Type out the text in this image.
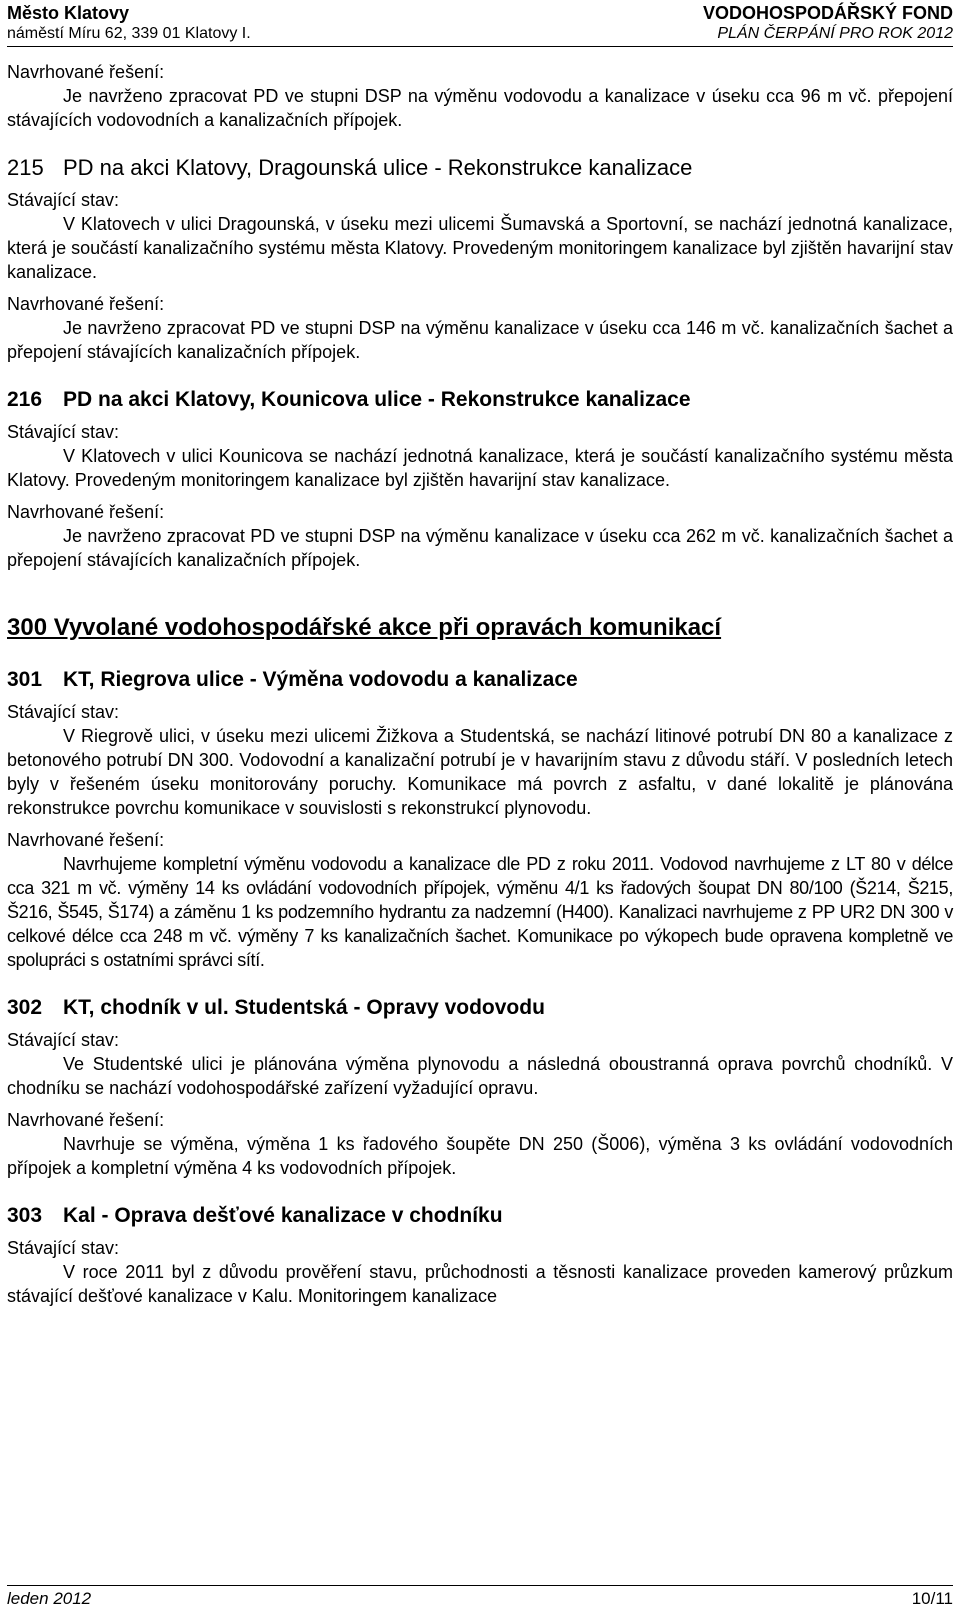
Město Klatovy	VODOHOSPODÁŘSKÝ FOND
náměstí Míru 62, 339 01 Klatovy I.	PLÁN ČERPÁNÍ PRO ROK 2012
Navrhované řešení:
Je navrženo zpracovat PD ve stupni DSP na výměnu vodovodu a kanalizace v úseku cca 96 m vč. přepojení stávajících vodovodních a kanalizačních přípojek.
215 PD na akci Klatovy, Dragounská ulice - Rekonstrukce kanalizace
Stávající stav:
V Klatovech v ulici Dragounská, v úseku mezi ulicemi Šumavská a Sportovní, se nachází jednotná kanalizace, která je součástí kanalizačního systému města Klatovy. Provedeným monitoringem kanalizace byl zjištěn havarijní stav kanalizace.
Navrhované řešení:
Je navrženo zpracovat PD ve stupni DSP na výměnu kanalizace v úseku cca 146 m vč. kanalizačních šachet a přepojení stávajících kanalizačních přípojek.
216 PD na akci Klatovy, Kounicova ulice - Rekonstrukce kanalizace
Stávající stav:
V Klatovech v ulici Kounicova se nachází jednotná kanalizace, která je součástí kanalizačního systému města Klatovy. Provedeným monitoringem kanalizace byl zjištěn havarijní stav kanalizace.
Navrhované řešení:
Je navrženo zpracovat PD ve stupni DSP na výměnu kanalizace v úseku cca 262 m vč. kanalizačních šachet a přepojení stávajících kanalizačních přípojek.
300 Vyvolané vodohospodářské akce při opravách komunikací
301 KT, Riegrova ulice - Výměna vodovodu a kanalizace
Stávající stav:
V Riegrově ulici, v úseku mezi ulicemi Žižkova a Studentská, se nachází litinové potrubí DN 80 a kanalizace z betonového potrubí DN 300. Vodovodní a kanalizační potrubí je v havarijním stavu z důvodu stáří. V posledních letech byly v řešeném úseku monitorovány poruchy. Komunikace má povrch z asfaltu, v dané lokalitě je plánována rekonstrukce povrchu komunikace v souvislosti s rekonstrukcí plynovodu.
Navrhované řešení:
Navrhujeme kompletní výměnu vodovodu a kanalizace dle PD z roku 2011. Vodovod navrhujeme z LT 80 v délce cca 321 m vč. výměny 14 ks ovládání vodovodních přípojek, výměnu 4/1 ks řadových šoupat DN 80/100 (Š214, Š215, Š216, Š545, Š174) a záměnu 1 ks podzemního hydrantu za nadzemní (H400). Kanalizaci navrhujeme z PP UR2 DN 300 v celkové délce cca 248 m vč. výměny 7 ks kanalizačních šachet. Komunikace po výkopech bude opravena kompletně ve spolupráci s ostatními správci sítí.
302 KT, chodník v ul. Studentská - Opravy vodovodu
Stávající stav:
Ve Studentské ulici je plánována výměna plynovodu a následná oboustranná oprava povrchů chodníků. V chodníku se nachází vodohospodářské zařízení vyžadující opravu.
Navrhované řešení:
Navrhuje se výměna, výměna 1 ks řadového šoupěte DN 250 (Š006), výměna 3 ks ovládání vodovodních přípojek a kompletní výměna 4 ks vodovodních přípojek.
303 Kal - Oprava dešťové kanalizace v chodníku
Stávající stav:
V roce 2011 byl z důvodu prověření stavu, průchodnosti a těsnosti kanalizace proveden kamerový průzkum stávající dešťové kanalizace v Kalu. Monitoringem kanalizace
leden 2012	10/11
